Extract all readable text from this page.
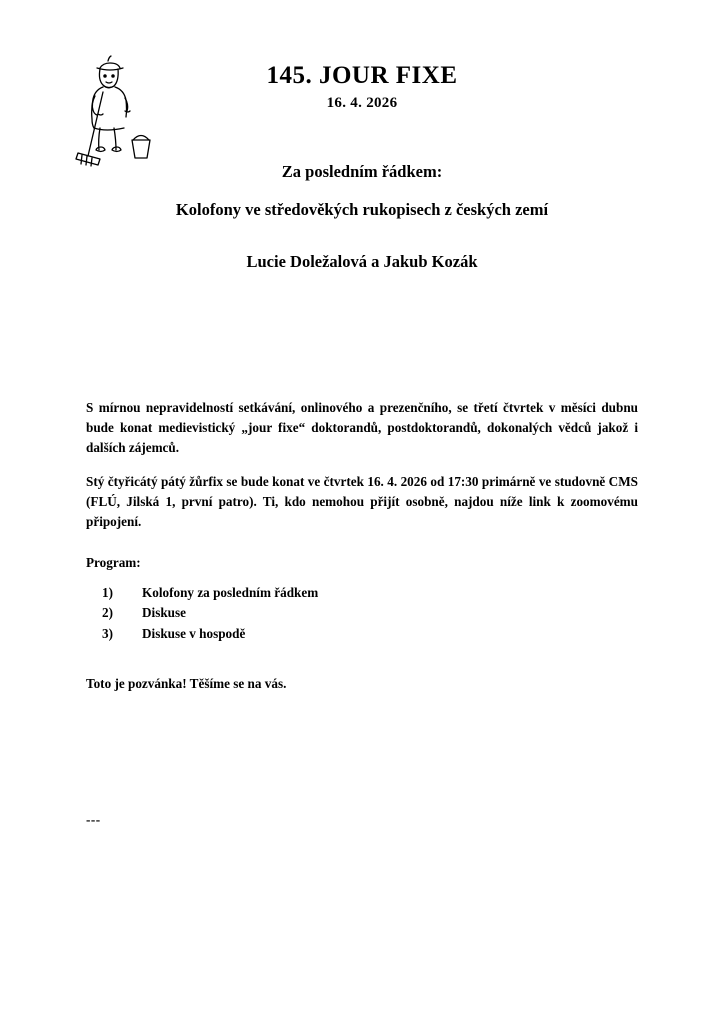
145. JOUR FIXE
16. 4. 2026
Za posledním řádkem:
Kolofony ve středověkých rukopisech z českých zemí
Lucie Doležalová a Jakub Kozák

S mírnou nepravidelností setkávání, onlinového a prezenčního, se třetí čtvrtek v měsíci dubnu bude konat medievistický „jour fixe“ doktorandů, postdoktorandů, dokonalých vědců jakož i dalších zájemců.

Stý čtyřicátý pátý žůrfix se bude konat ve čtvrtek 16. 4. 2026 od 17:30 primárně ve studovně CMS (FLÚ, Jilská 1, první patro). Ti, kdo nemohou přijít osobně, najdou níže link k zoomovému připojení.

Program:
1)	Kolofony za posledním řádkem
2)	Diskuse
3)	Diskuse v hospodě
Toto je pozvánka! Těšíme se na vás.
---
